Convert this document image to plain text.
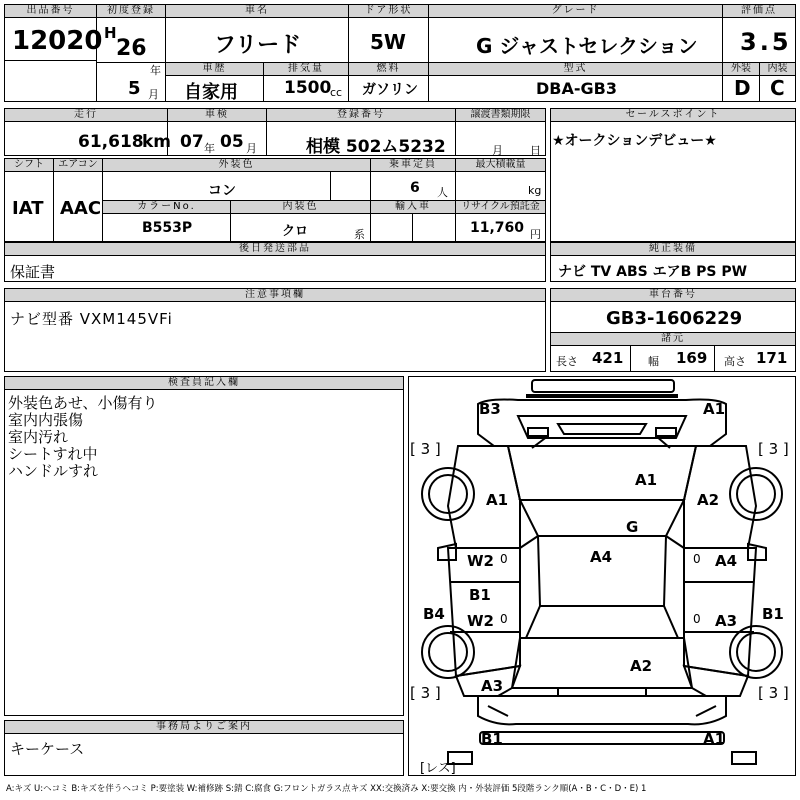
出品番号
12020
初度登録
H
26
年
5 月
車名
フリード
車歴
自家用
排気量
1500
cc
ドア形状
5W
燃料
ガソリン
グレード
G ジャストセレクション
型式
DBA-GB3
評価点
3.5
外装	内装
D C
走行
61,618
km
車検
07 年 05 月
登録番号
相模 502ム5232
譲渡書類期限
月 日
セールスポイント
★オークションデビュー★
シフト
IAT
エアコン
AAC
外装色
コン
乗車定員
6 人
最大積載量
kg
カラーNo.
B553P
内装色
クロ	系
輸入車	リサイクル預託金
11,760 円
後日発送部品
保証書
純正装備
ナビ TV ABS エアB PS PW
注意事項欄
ナビ型番 VXM145VFi
車台番号
GB3-1606229
諸元
長さ 421 幅 169 高さ 171
検査員記入欄
外装色あせ、小傷有り
室内内張傷
室内汚れ
シートすれ中
ハンドルすれ
事務局よりご案内
キーケース
B3	A1
[ 3 ]	[ 3 ]
A1
A1	A2
G
A4
W2 0	0 A4
B1
W2 0	0
B4	A3 B1
A2
[ 3 ]	A3	[ 3 ]
B1	A1
[レス]
A:キズ U:ヘコミ B:キズを伴うヘコミ P:要塗装 W:補修跡 S:錆 C:腐食 G:フロントガラス点キズ XX:交換済み X:要交換 内・外装評価 5段階ランク順(A・B・C・D・E) 1
